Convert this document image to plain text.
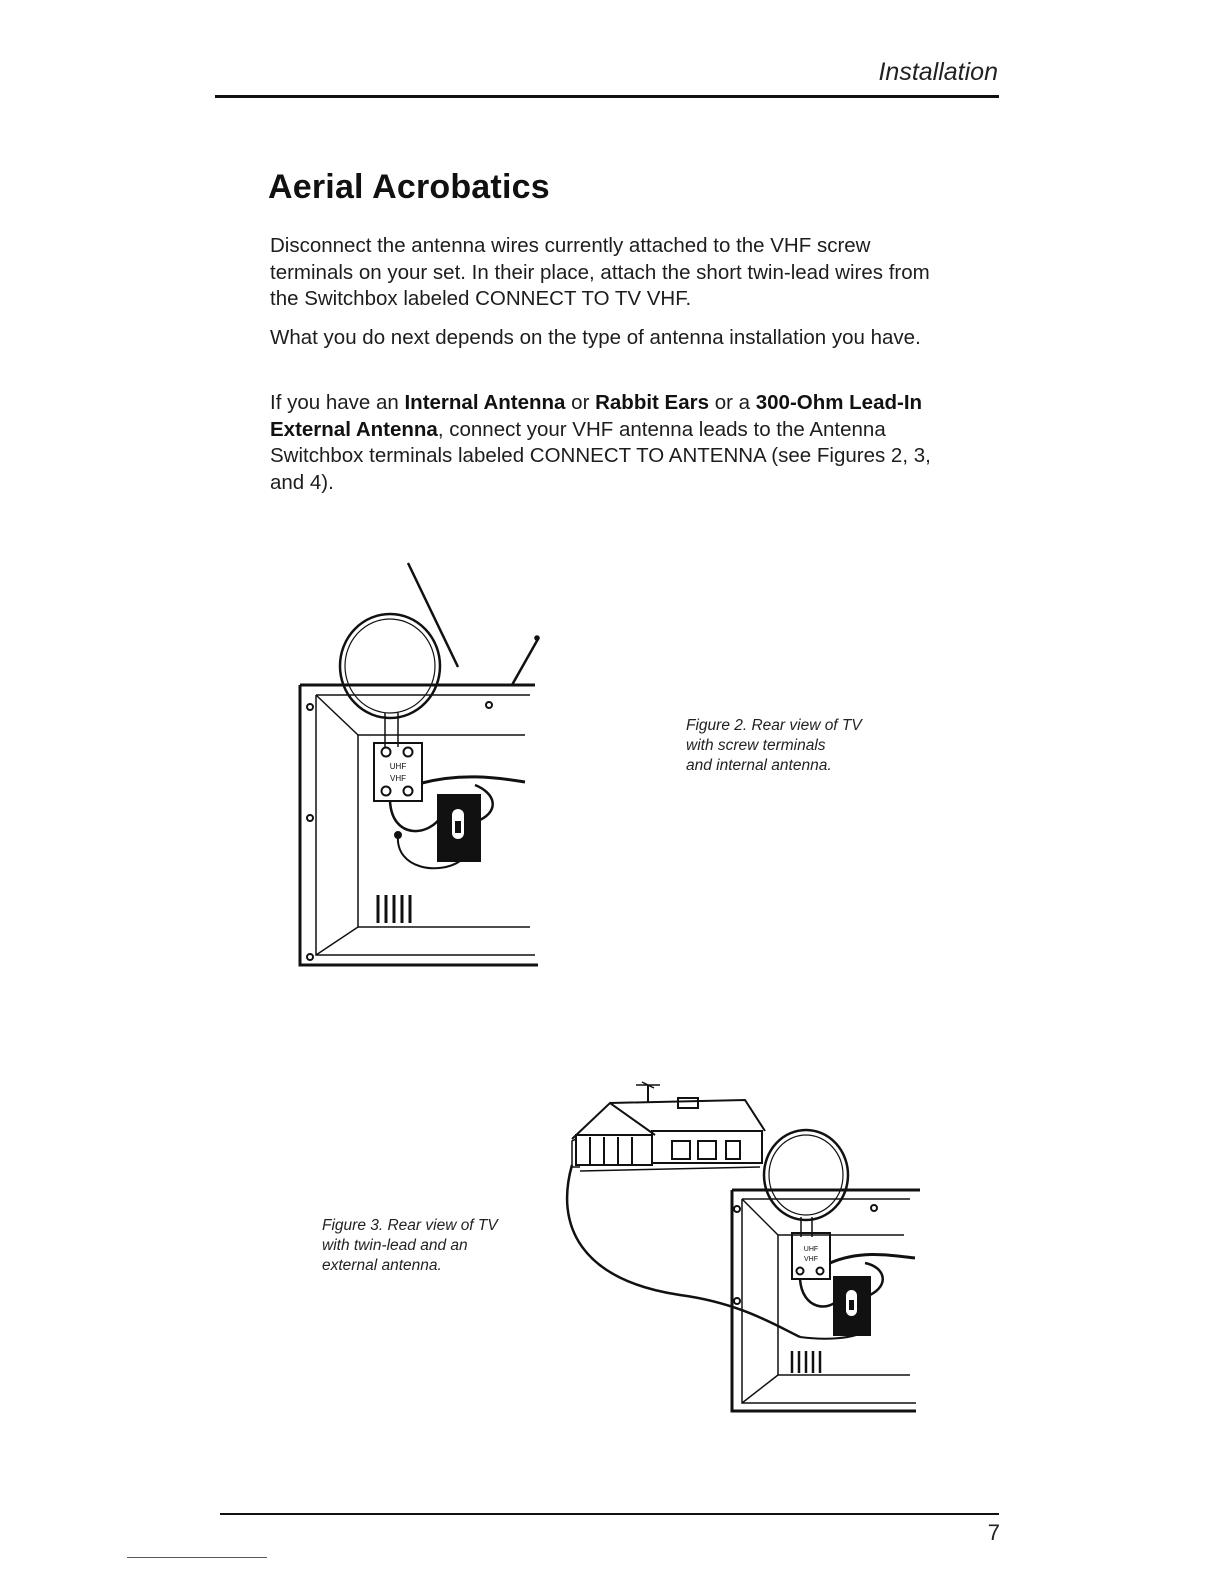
Installation
Aerial Acrobatics

Disconnect the antenna wires currently attached to the VHF screw terminals on your set. In their place, attach the short twin-lead wires from the Switchbox labeled CONNECT TO TV VHF.

What you do next depends on the type of antenna installation you have.

If you have an Internal Antenna or Rabbit Ears or a 300-Ohm Lead-In External Antenna, connect your VHF antenna leads to the Antenna Switchbox terminals labeled CONNECT TO ANTENNA (see Figures 2, 3, and 4).

UHF
VHF

Figure 2. Rear view of TV
with screw terminals
and internal antenna.

Figure 3. Rear view of TV
with twin-lead and an
external antenna.

UHF
VHF
7
